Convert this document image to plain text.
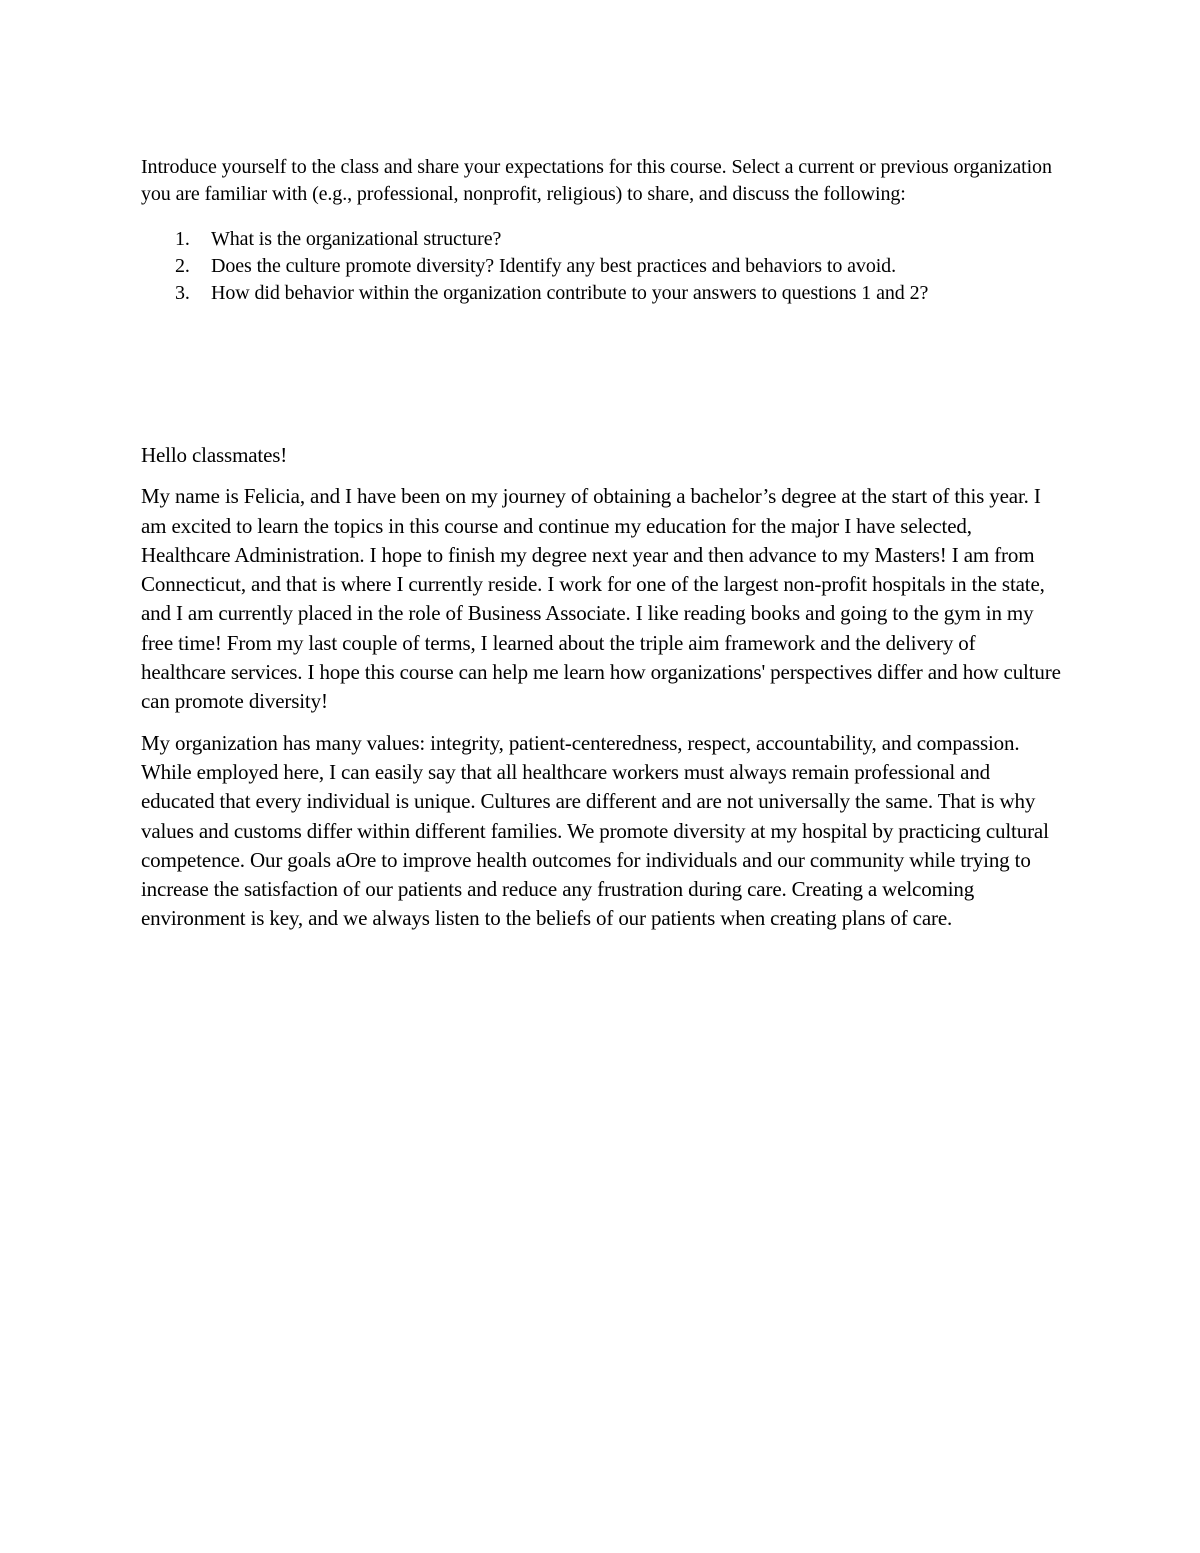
Introduce yourself to the class and share your expectations for this course. Select a current or previous organization you are familiar with (e.g., professional, nonprofit, religious) to share, and discuss the following:

1. What is the organizational structure?
2. Does the culture promote diversity? Identify any best practices and behaviors to avoid.
3. How did behavior within the organization contribute to your answers to questions 1 and 2?

Hello classmates!

My name is Felicia, and I have been on my journey of obtaining a bachelor’s degree at the start of this year. I am excited to learn the topics in this course and continue my education for the major I have selected, Healthcare Administration. I hope to finish my degree next year and then advance to my Masters! I am from Connecticut, and that is where I currently reside. I work for one of the largest non-profit hospitals in the state, and I am currently placed in the role of Business Associate. I like reading books and going to the gym in my free time! From my last couple of terms, I learned about the triple aim framework and the delivery of healthcare services. I hope this course can help me learn how organizations' perspectives differ and how culture can promote diversity!

My organization has many values: integrity, patient-centeredness, respect, accountability, and compassion. While employed here, I can easily say that all healthcare workers must always remain professional and educated that every individual is unique. Cultures are different and are not universally the same. That is why values and customs differ within different families. We promote diversity at my hospital by practicing cultural competence. Our goals aOre to improve health outcomes for individuals and our community while trying to increase the satisfaction of our patients and reduce any frustration during care. Creating a welcoming environment is key, and we always listen to the beliefs of our patients when creating plans of care.
